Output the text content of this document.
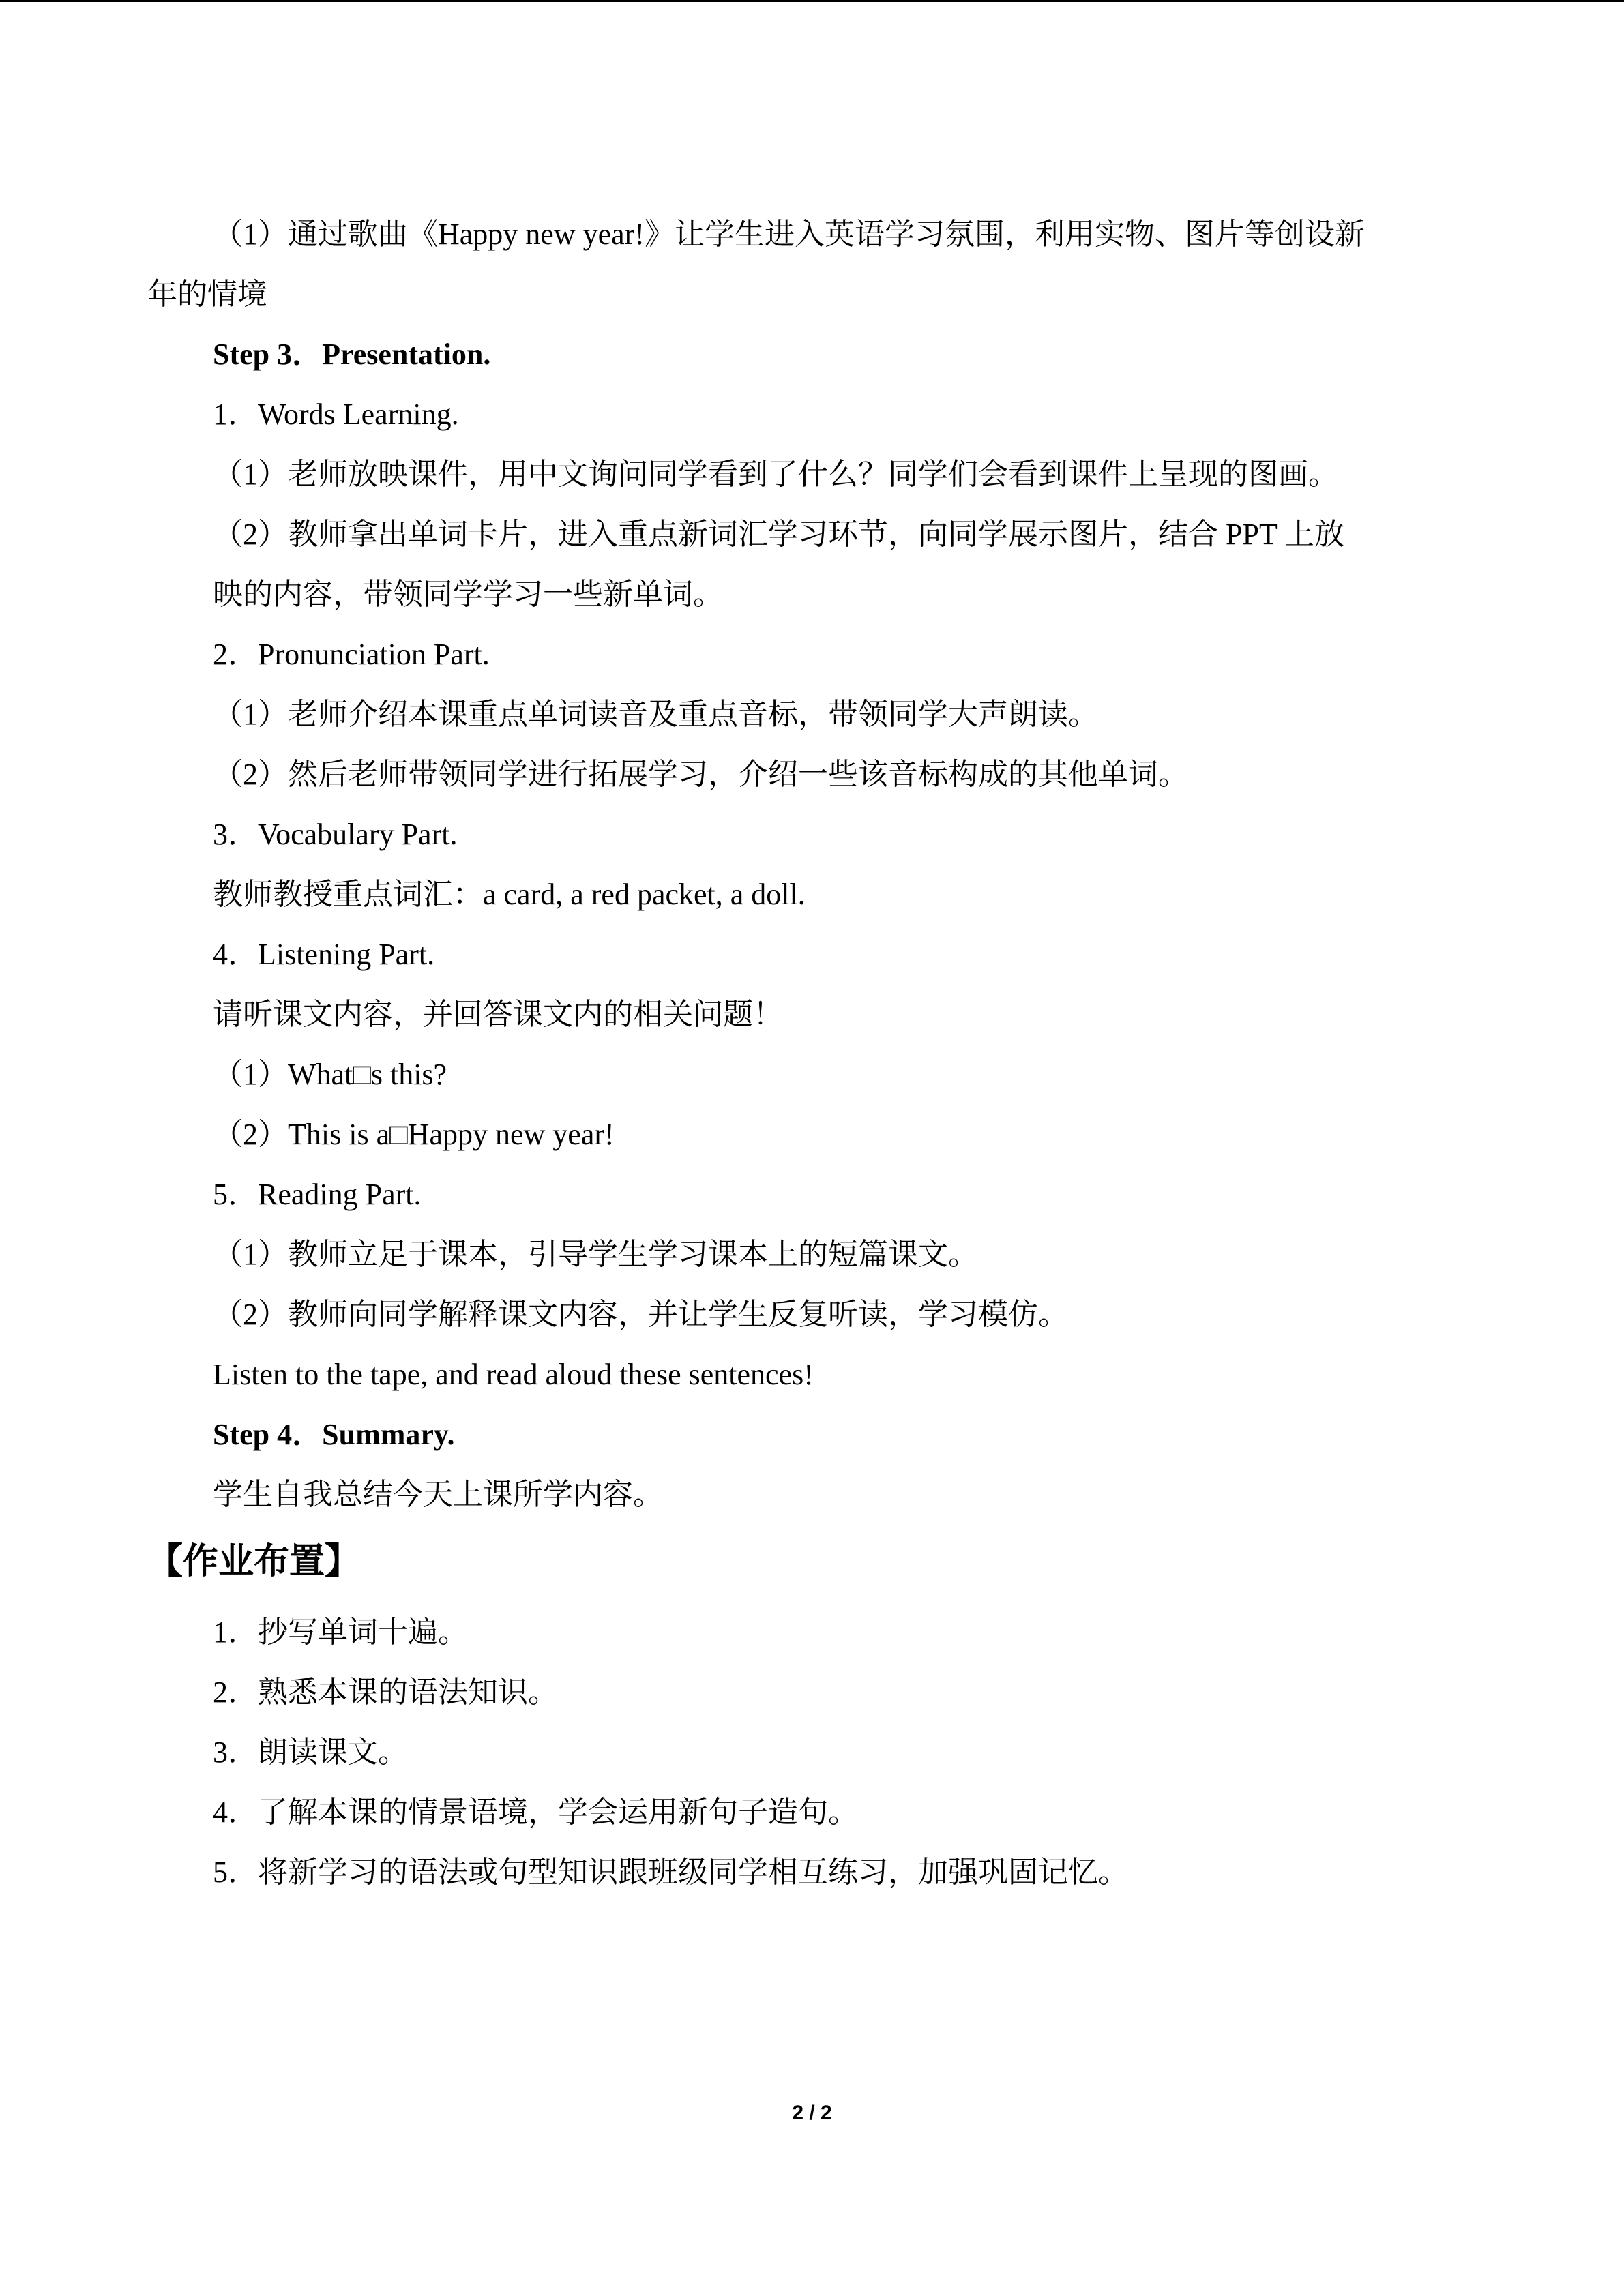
（1）通过歌曲《Happy new year!》让学生进入英语学习氛围，利用实物、图片等创设新
年的情境
Step 3．Presentation.
1．Words Learning.
（1）老师放映课件，用中文询问同学看到了什么？同学们会看到课件上呈现的图画。
（2）教师拿出单词卡片，进入重点新词汇学习环节，向同学展示图片，结合 PPT 上放
映的内容，带领同学学习一些新单词。
2．Pronunciation Part.
（1）老师介绍本课重点单词读音及重点音标，带领同学大声朗读。
（2）然后老师带领同学进行拓展学习，介绍一些该音标构成的其他单词。
3．Vocabulary Part.
教师教授重点词汇：a card, a red packet, a doll.
4．Listening Part.
请听课文内容，并回答课文内的相关问题！
（1）What□s this?
（2）This is a□Happy new year!
5．Reading Part.
（1）教师立足于课本，引导学生学习课本上的短篇课文。
（2）教师向同学解释课文内容，并让学生反复听读，学习模仿。
Listen to the tape, and read aloud these sentences!
Step 4．Summary.
学生自我总结今天上课所学内容。
【作业布置】
1．抄写单词十遍。
2．熟悉本课的语法知识。
3．朗读课文。
4．了解本课的情景语境，学会运用新句子造句。
5．将新学习的语法或句型知识跟班级同学相互练习，加强巩固记忆。
2 / 2
